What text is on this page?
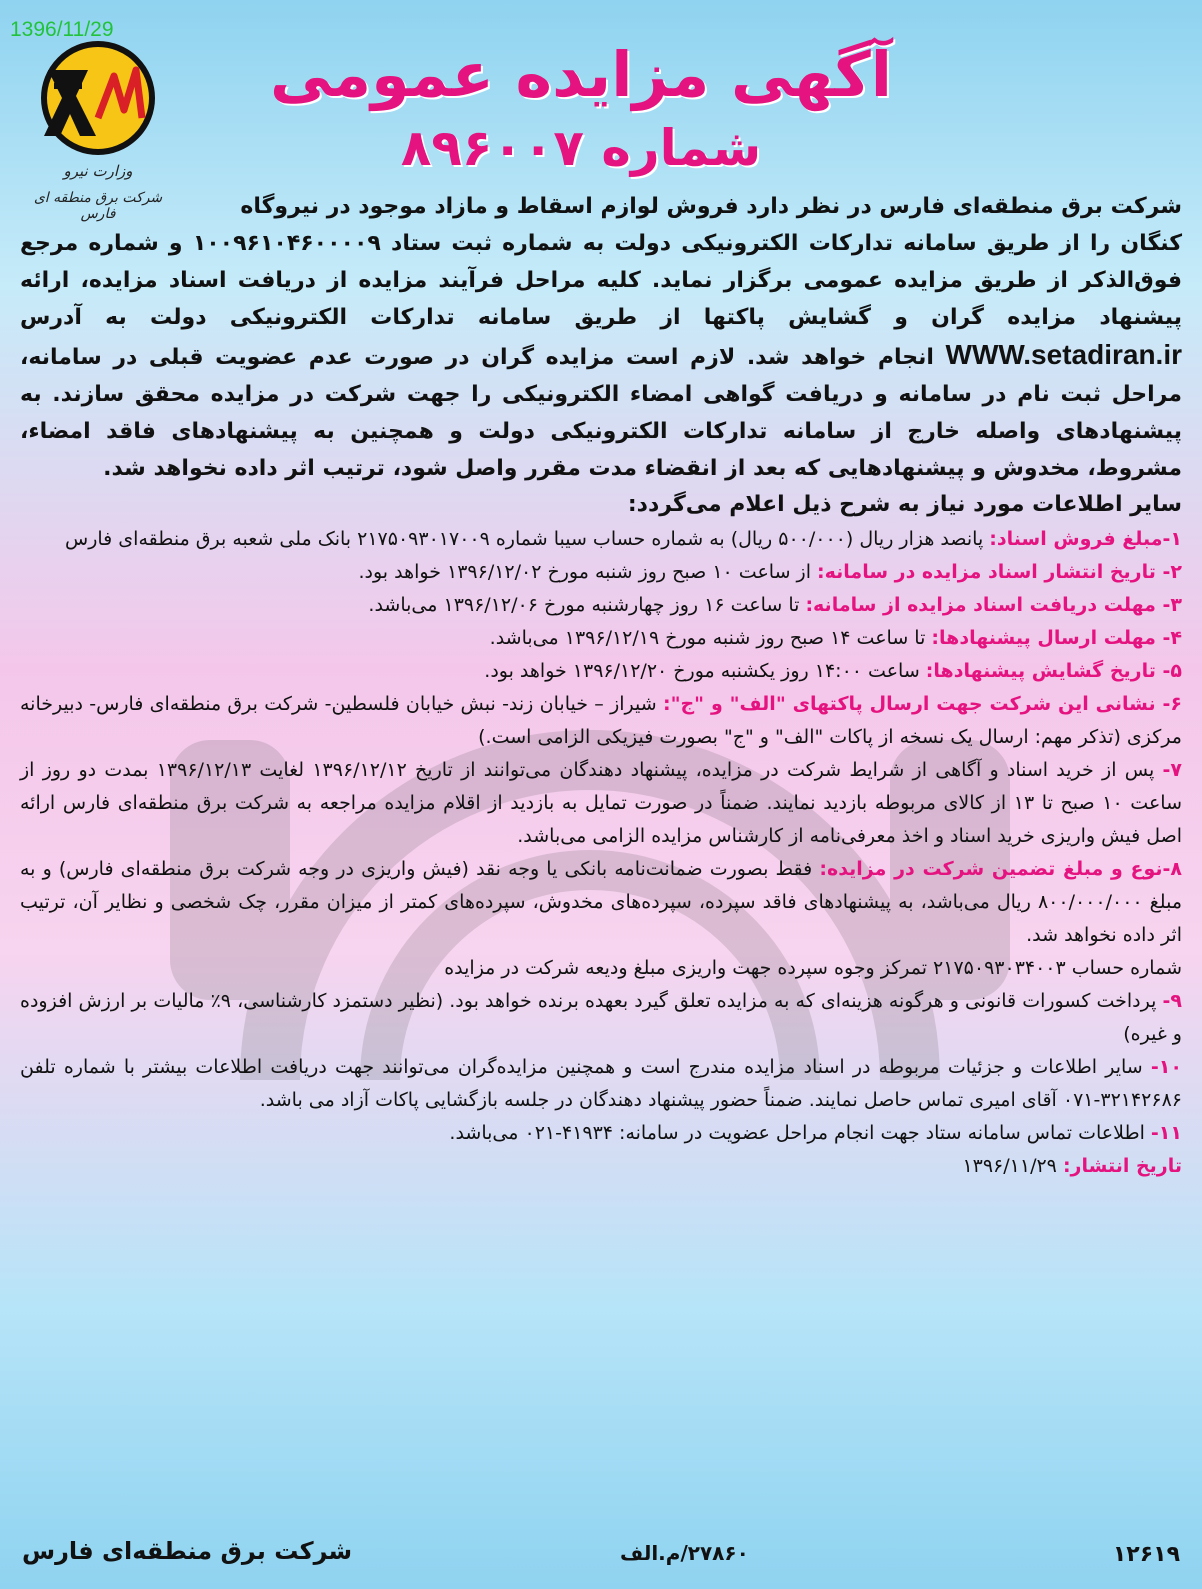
1396/11/29
وزارت نیرو
شرکت برق منطقه ای فارس
آگهی مزایده عمومی
شماره ۸۹۶۰۰۷

شرکت برق منطقه‌ای فارس در نظر دارد فروش لوازم اسقاط و مازاد موجود در نیروگاه

کنگان را از طریق سامانه تدارکات الکترونیکی دولت به شماره ثبت ستاد ۱۰۰۹۶۱۰۴۶۰۰۰۰۹ و شماره مرجع فوق‌الذکر از طریق مزایده عمومی برگزار نماید. کلیه مراحل فرآیند مزایده از دریافت اسناد مزایده، ارائه پیشنهاد مزایده گران و گشایش پاکتها از طریق سامانه تدارکات الکترونیکی دولت به آدرس WWW.setadiran.ir انجام خواهد شد. لازم است مزایده گران در صورت عدم عضویت قبلی در سامانه، مراحل ثبت نام در سامانه و دریافت گواهی امضاء الکترونیکی را جهت شرکت در مزایده محقق سازند. به پیشنهادهای واصله خارج از سامانه تدارکات الکترونیکی دولت و همچنین به پیشنهادهای فاقد امضاء، مشروط، مخدوش و پیشنهادهایی که بعد از انقضاء مدت مقرر واصل شود، ترتیب اثر داده نخواهد شد.

سایر اطلاعات مورد نیاز به شرح ذیل اعلام می‌گردد:

۱-مبلغ فروش اسناد: پانصد هزار ریال (۵۰۰/۰۰۰ ریال) به شماره حساب سیبا شماره ۲۱۷۵۰۹۳۰۱۷۰۰۹ بانک ملی شعبه برق منطقه‌ای فارس

۲- تاریخ انتشار اسناد مزایده در سامانه: از ساعت ۱۰ صبح روز شنبه مورخ ۱۳۹۶/۱۲/۰۲ خواهد بود.

۳- مهلت دریافت اسناد مزایده از سامانه: تا ساعت ۱۶ روز چهارشنبه مورخ ۱۳۹۶/۱۲/۰۶ می‌باشد.

۴- مهلت ارسال پیشنهادها: تا ساعت ۱۴ صبح روز شنبه مورخ ۱۳۹۶/۱۲/۱۹ می‌باشد.

۵- تاریخ گشایش پیشنهادها: ساعت ۱۴:۰۰ روز یکشنبه مورخ ۱۳۹۶/۱۲/۲۰ خواهد بود.

۶- نشانی این شرکت جهت ارسال پاکتهای "الف" و "ج": شیراز – خیابان زند- نبش خیابان فلسطین- شرکت برق منطقه‌ای فارس- دبیرخانه مرکزی (تذکر مهم: ارسال یک نسخه از پاکات "الف" و "ج" بصورت فیزیکی الزامی است.)

۷- پس از خرید اسناد و آگاهی از شرایط شرکت در مزایده، پیشنهاد دهندگان می‌توانند از تاریخ ۱۳۹۶/۱۲/۱۲ لغایت ۱۳۹۶/۱۲/۱۳ بمدت دو روز از ساعت ۱۰ صبح تا ۱۳ از کالای مربوطه بازدید نمایند. ضمناً در صورت تمایل به بازدید از اقلام مزایده مراجعه به شرکت برق منطقه‌ای فارس ارائه اصل فیش واریزی خرید اسناد و اخذ معرفی‌نامه از کارشناس مزایده الزامی می‌باشد.

۸-نوع و مبلغ تضمین شرکت در مزایده: فقط بصورت ضمانت‌نامه بانکی یا وجه نقد (فیش واریزی در وجه شرکت برق منطقه‌ای فارس) و به مبلغ ۸۰۰/۰۰۰/۰۰۰ ریال می‌باشد، به پیشنهادهای فاقد سپرده، سپرده‌های مخدوش، سپرده‌های کمتر از میزان مقرر، چک شخصی و نظایر آن، ترتیب اثر داده نخواهد شد.

شماره حساب ۲۱۷۵۰۹۳۰۳۴۰۰۳ تمرکز وجوه سپرده جهت واریزی مبلغ ودیعه شرکت در مزایده

۹- پرداخت کسورات قانونی و هرگونه هزینه‌ای که به مزایده تعلق گیرد بعهده برنده خواهد بود. (نظیر دستمزد کارشناسی، ۹٪ مالیات بر ارزش افزوده و غیره)

۱۰- سایر اطلاعات و جزئیات مربوطه در اسناد مزایده مندرج است و همچنین مزایده‌گران می‌توانند جهت دریافت اطلاعات بیشتر با شماره تلفن ۳۲۱۴۲۶۸۶-۰۷۱ آقای امیری تماس حاصل نمایند. ضمناً حضور پیشنهاد دهندگان در جلسه بازگشایی پاکات آزاد می باشد.

۱۱- اطلاعات تماس سامانه ستاد جهت انجام مراحل عضویت در سامانه: ۴۱۹۳۴-۰۲۱ می‌باشد.

تاریخ انتشار: ۱۳۹۶/۱۱/۲۹

شرکت برق منطقه‌ای فارس	۲۷۸۶۰/م.الف	۱۲۶۱۹
